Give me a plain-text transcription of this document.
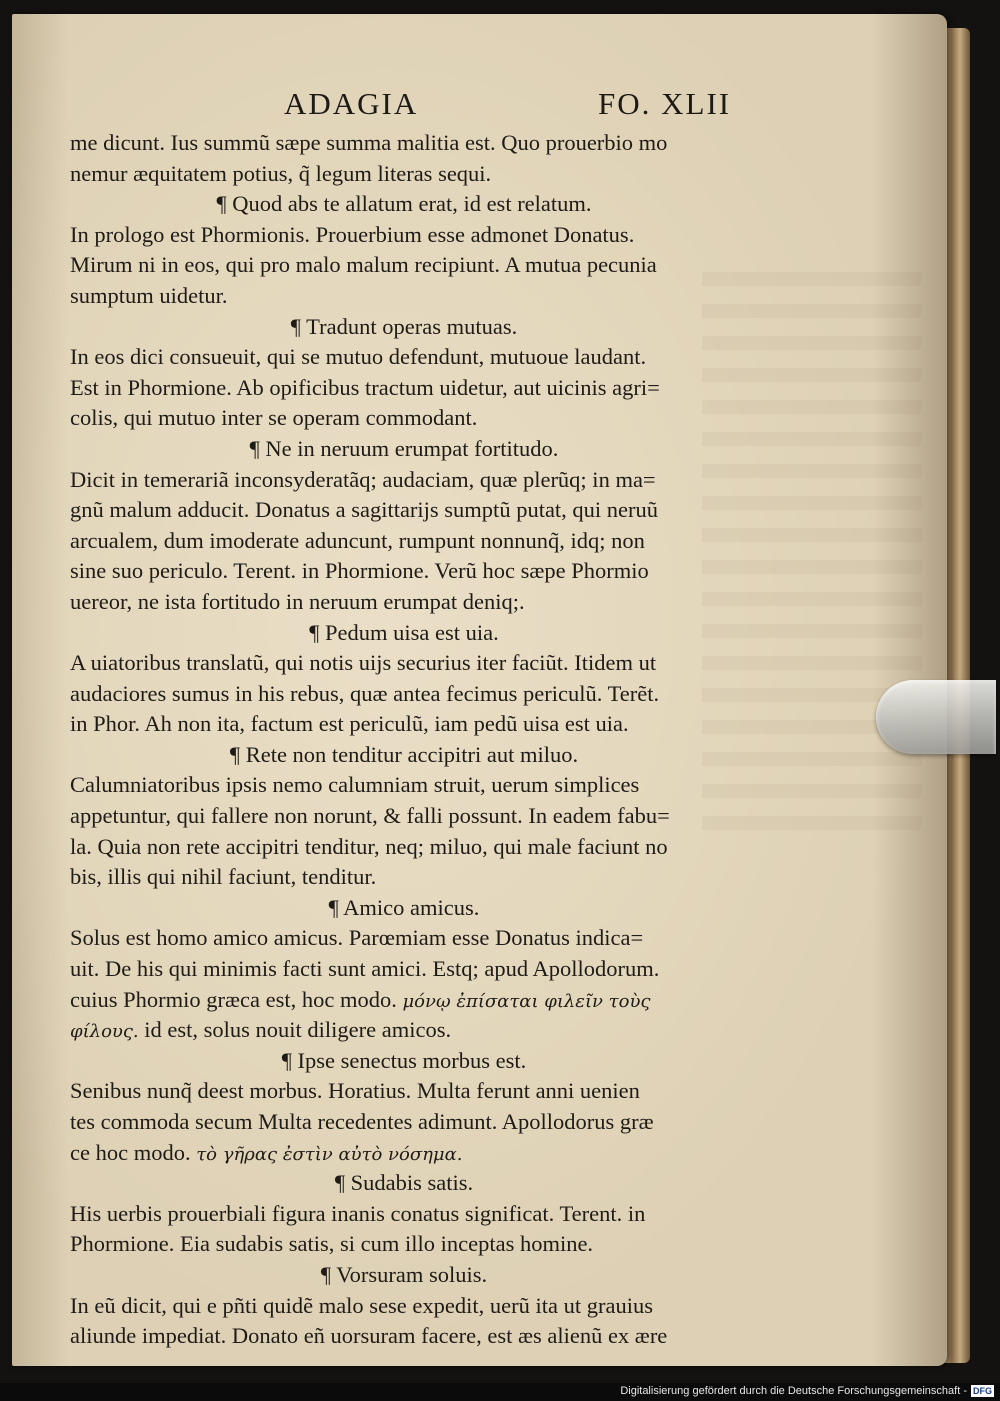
ADAGIA	FO. XLII
me dicunt. Ius summũ sæpe summa malitia est. Quo prouerbio mo
nemur æquitatem potius, q̃ legum literas sequi.
¶ Quod abs te allatum erat, id est relatum.
In prologo est Phormionis. Prouerbium esse admonet Donatus.
Mirum ni in eos, qui pro malo malum recipiunt. A mutua pecunia
sumptum uidetur.
¶ Tradunt operas mutuas.
In eos dici consueuit, qui se mutuo defendunt, mutuoue laudant.
Est in Phormione. Ab opificibus tractum uidetur, aut uicinis agri=
colis, qui mutuo inter se operam commodant.
¶ Ne in neruum erumpat fortitudo.
Dicit in temerariã inconsyderatãq; audaciam, quæ plerũq; in ma=
gnũ malum adducit. Donatus a sagittarijs sumptũ putat, qui neruũ
arcualem, dum imoderate aduncunt, rumpunt nonnunq̃, idq; non
sine suo periculo. Terent. in Phormione. Verũ hoc sæpe Phormio
uereor, ne ista fortitudo in neruum erumpat deniq;.
¶ Pedum uisa est uia.
A uiatoribus translatũ, qui notis uijs securius iter faciũt. Itidem ut
audaciores sumus in his rebus, quæ antea fecimus periculũ. Terẽt.
in Phor. Ah non ita, factum est periculũ, iam pedũ uisa est uia.
¶ Rete non tenditur accipitri aut miluo.
Calumniatoribus ipsis nemo calumniam struit, uerum simplices
appetuntur, qui fallere non norunt, & falli possunt. In eadem fabu=
la. Quia non rete accipitri tenditur, neq; miluo, qui male faciunt no
bis, illis qui nihil faciunt, tenditur.
¶ Amico amicus.
Solus est homo amico amicus. Parœmiam esse Donatus indica=
uit. De his qui minimis facti sunt amici. Estq; apud Apollodorum.
cuius Phormio græca est, hoc modo. μόνῳ ἐπίσαται φιλεῖν τοὺς
φίλους. id est, solus nouit diligere amicos.
¶ Ipse senectus morbus est.
Senibus nunq̃ deest morbus. Horatius. Multa ferunt anni uenien
tes commoda secum Multa recedentes adimunt. Apollodorus græ
ce hoc modo. τὸ γῆρας ἐστὶν αὐτὸ νόσημα.
¶ Sudabis satis.
His uerbis prouerbiali figura inanis conatus significat. Terent. in
Phormione. Eia sudabis satis, si cum illo inceptas homine.
¶ Vorsuram soluis.
In eũ dicit, qui e pñti quidẽ malo sese expedit, uerũ ita ut grauius
aliunde impediat. Donato eñ uorsuram facere, est æs alienũ ex ære
Digitalisierung gefördert durch die Deutsche Forschungsgemeinschaft - DFG
